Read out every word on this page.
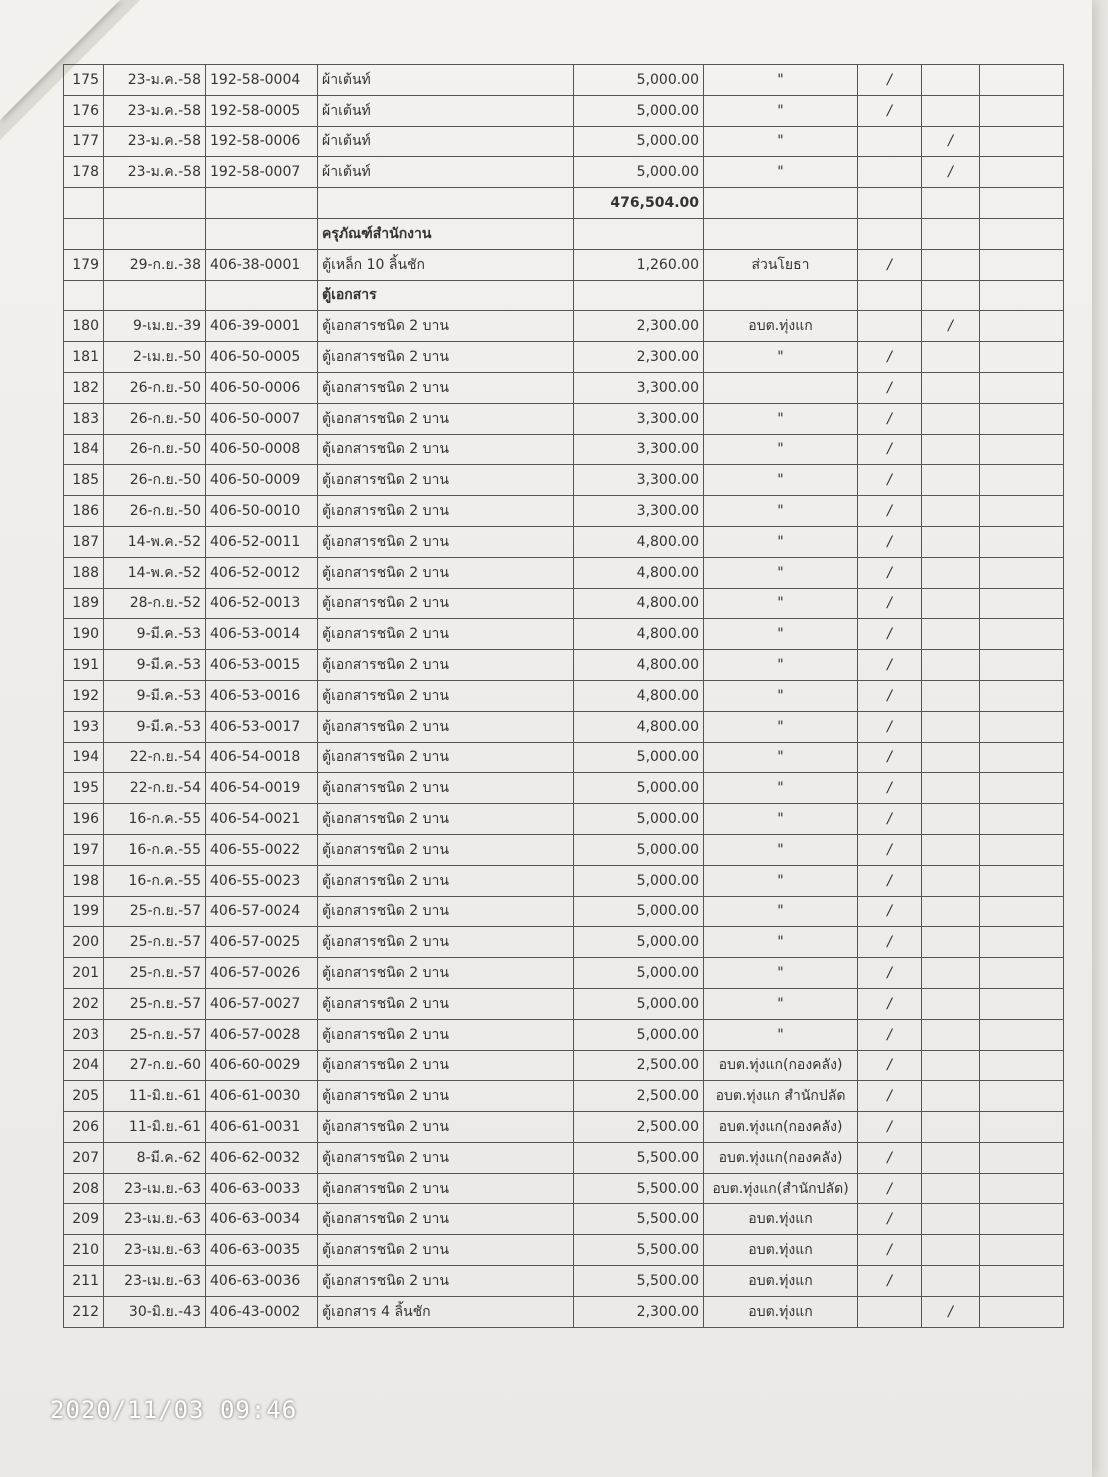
175	23-ม.ค.-58	192-58-0004	ผ้าเต้นท์	5,000.00	"	/		
176	23-ม.ค.-58	192-58-0005	ผ้าเต้นท์	5,000.00	"	/		
177	23-ม.ค.-58	192-58-0006	ผ้าเต้นท์	5,000.00	"		/	
178	23-ม.ค.-58	192-58-0007	ผ้าเต้นท์	5,000.00	"		/	
				476,504.00				
			ครุภัณฑ์สำนักงาน					
179	29-ก.ย.-38	406-38-0001	ตู้เหล็ก 10 ลิ้นชัก	1,260.00	ส่วนโยธา	/		
			ตู้เอกสาร					
180	9-เม.ย.-39	406-39-0001	ตู้เอกสารชนิด 2 บาน	2,300.00	อบต.ทุ่งแก		/	
181	2-เม.ย.-50	406-50-0005	ตู้เอกสารชนิด 2 บาน	2,300.00	"	/		
182	26-ก.ย.-50	406-50-0006	ตู้เอกสารชนิด 2 บาน	3,300.00		/		
183	26-ก.ย.-50	406-50-0007	ตู้เอกสารชนิด 2 บาน	3,300.00	"	/		
184	26-ก.ย.-50	406-50-0008	ตู้เอกสารชนิด 2 บาน	3,300.00	"	/		
185	26-ก.ย.-50	406-50-0009	ตู้เอกสารชนิด 2 บาน	3,300.00	"	/		
186	26-ก.ย.-50	406-50-0010	ตู้เอกสารชนิด 2 บาน	3,300.00	"	/		
187	14-พ.ค.-52	406-52-0011	ตู้เอกสารชนิด 2 บาน	4,800.00	"	/		
188	14-พ.ค.-52	406-52-0012	ตู้เอกสารชนิด 2 บาน	4,800.00	"	/		
189	28-ก.ย.-52	406-52-0013	ตู้เอกสารชนิด 2 บาน	4,800.00	"	/		
190	9-มี.ค.-53	406-53-0014	ตู้เอกสารชนิด 2 บาน	4,800.00	"	/		
191	9-มี.ค.-53	406-53-0015	ตู้เอกสารชนิด 2 บาน	4,800.00	"	/		
192	9-มี.ค.-53	406-53-0016	ตู้เอกสารชนิด 2 บาน	4,800.00	"	/		
193	9-มี.ค.-53	406-53-0017	ตู้เอกสารชนิด 2 บาน	4,800.00	"	/		
194	22-ก.ย.-54	406-54-0018	ตู้เอกสารชนิด 2 บาน	5,000.00	"	/		
195	22-ก.ย.-54	406-54-0019	ตู้เอกสารชนิด 2 บาน	5,000.00	"	/		
196	16-ก.ค.-55	406-54-0021	ตู้เอกสารชนิด 2 บาน	5,000.00	"	/		
197	16-ก.ค.-55	406-55-0022	ตู้เอกสารชนิด 2 บาน	5,000.00	"	/		
198	16-ก.ค.-55	406-55-0023	ตู้เอกสารชนิด 2 บาน	5,000.00	"	/		
199	25-ก.ย.-57	406-57-0024	ตู้เอกสารชนิด 2 บาน	5,000.00	"	/		
200	25-ก.ย.-57	406-57-0025	ตู้เอกสารชนิด 2 บาน	5,000.00	"	/		
201	25-ก.ย.-57	406-57-0026	ตู้เอกสารชนิด 2 บาน	5,000.00	"	/		
202	25-ก.ย.-57	406-57-0027	ตู้เอกสารชนิด 2 บาน	5,000.00	"	/		
203	25-ก.ย.-57	406-57-0028	ตู้เอกสารชนิด 2 บาน	5,000.00	"	/		
204	27-ก.ย.-60	406-60-0029	ตู้เอกสารชนิด 2 บาน	2,500.00	อบต.ทุ่งแก(กองคลัง)	/		
205	11-มิ.ย.-61	406-61-0030	ตู้เอกสารชนิด 2 บาน	2,500.00	อบต.ทุ่งแก สำนักปลัด	/		
206	11-มิ.ย.-61	406-61-0031	ตู้เอกสารชนิด 2 บาน	2,500.00	อบต.ทุ่งแก(กองคลัง)	/		
207	8-มี.ค.-62	406-62-0032	ตู้เอกสารชนิด 2 บาน	5,500.00	อบต.ทุ่งแก(กองคลัง)	/		
208	23-เม.ย.-63	406-63-0033	ตู้เอกสารชนิด 2 บาน	5,500.00	อบต.ทุ่งแก(สำนักปลัด)	/		
209	23-เม.ย.-63	406-63-0034	ตู้เอกสารชนิด 2 บาน	5,500.00	อบต.ทุ่งแก	/		
210	23-เม.ย.-63	406-63-0035	ตู้เอกสารชนิด 2 บาน	5,500.00	อบต.ทุ่งแก	/		
211	23-เม.ย.-63	406-63-0036	ตู้เอกสารชนิด 2 บาน	5,500.00	อบต.ทุ่งแก	/		
212	30-มิ.ย.-43	406-43-0002	ตู้เอกสาร 4 ลิ้นชัก	2,300.00	อบต.ทุ่งแก		/	
2020/11/03 09:46
